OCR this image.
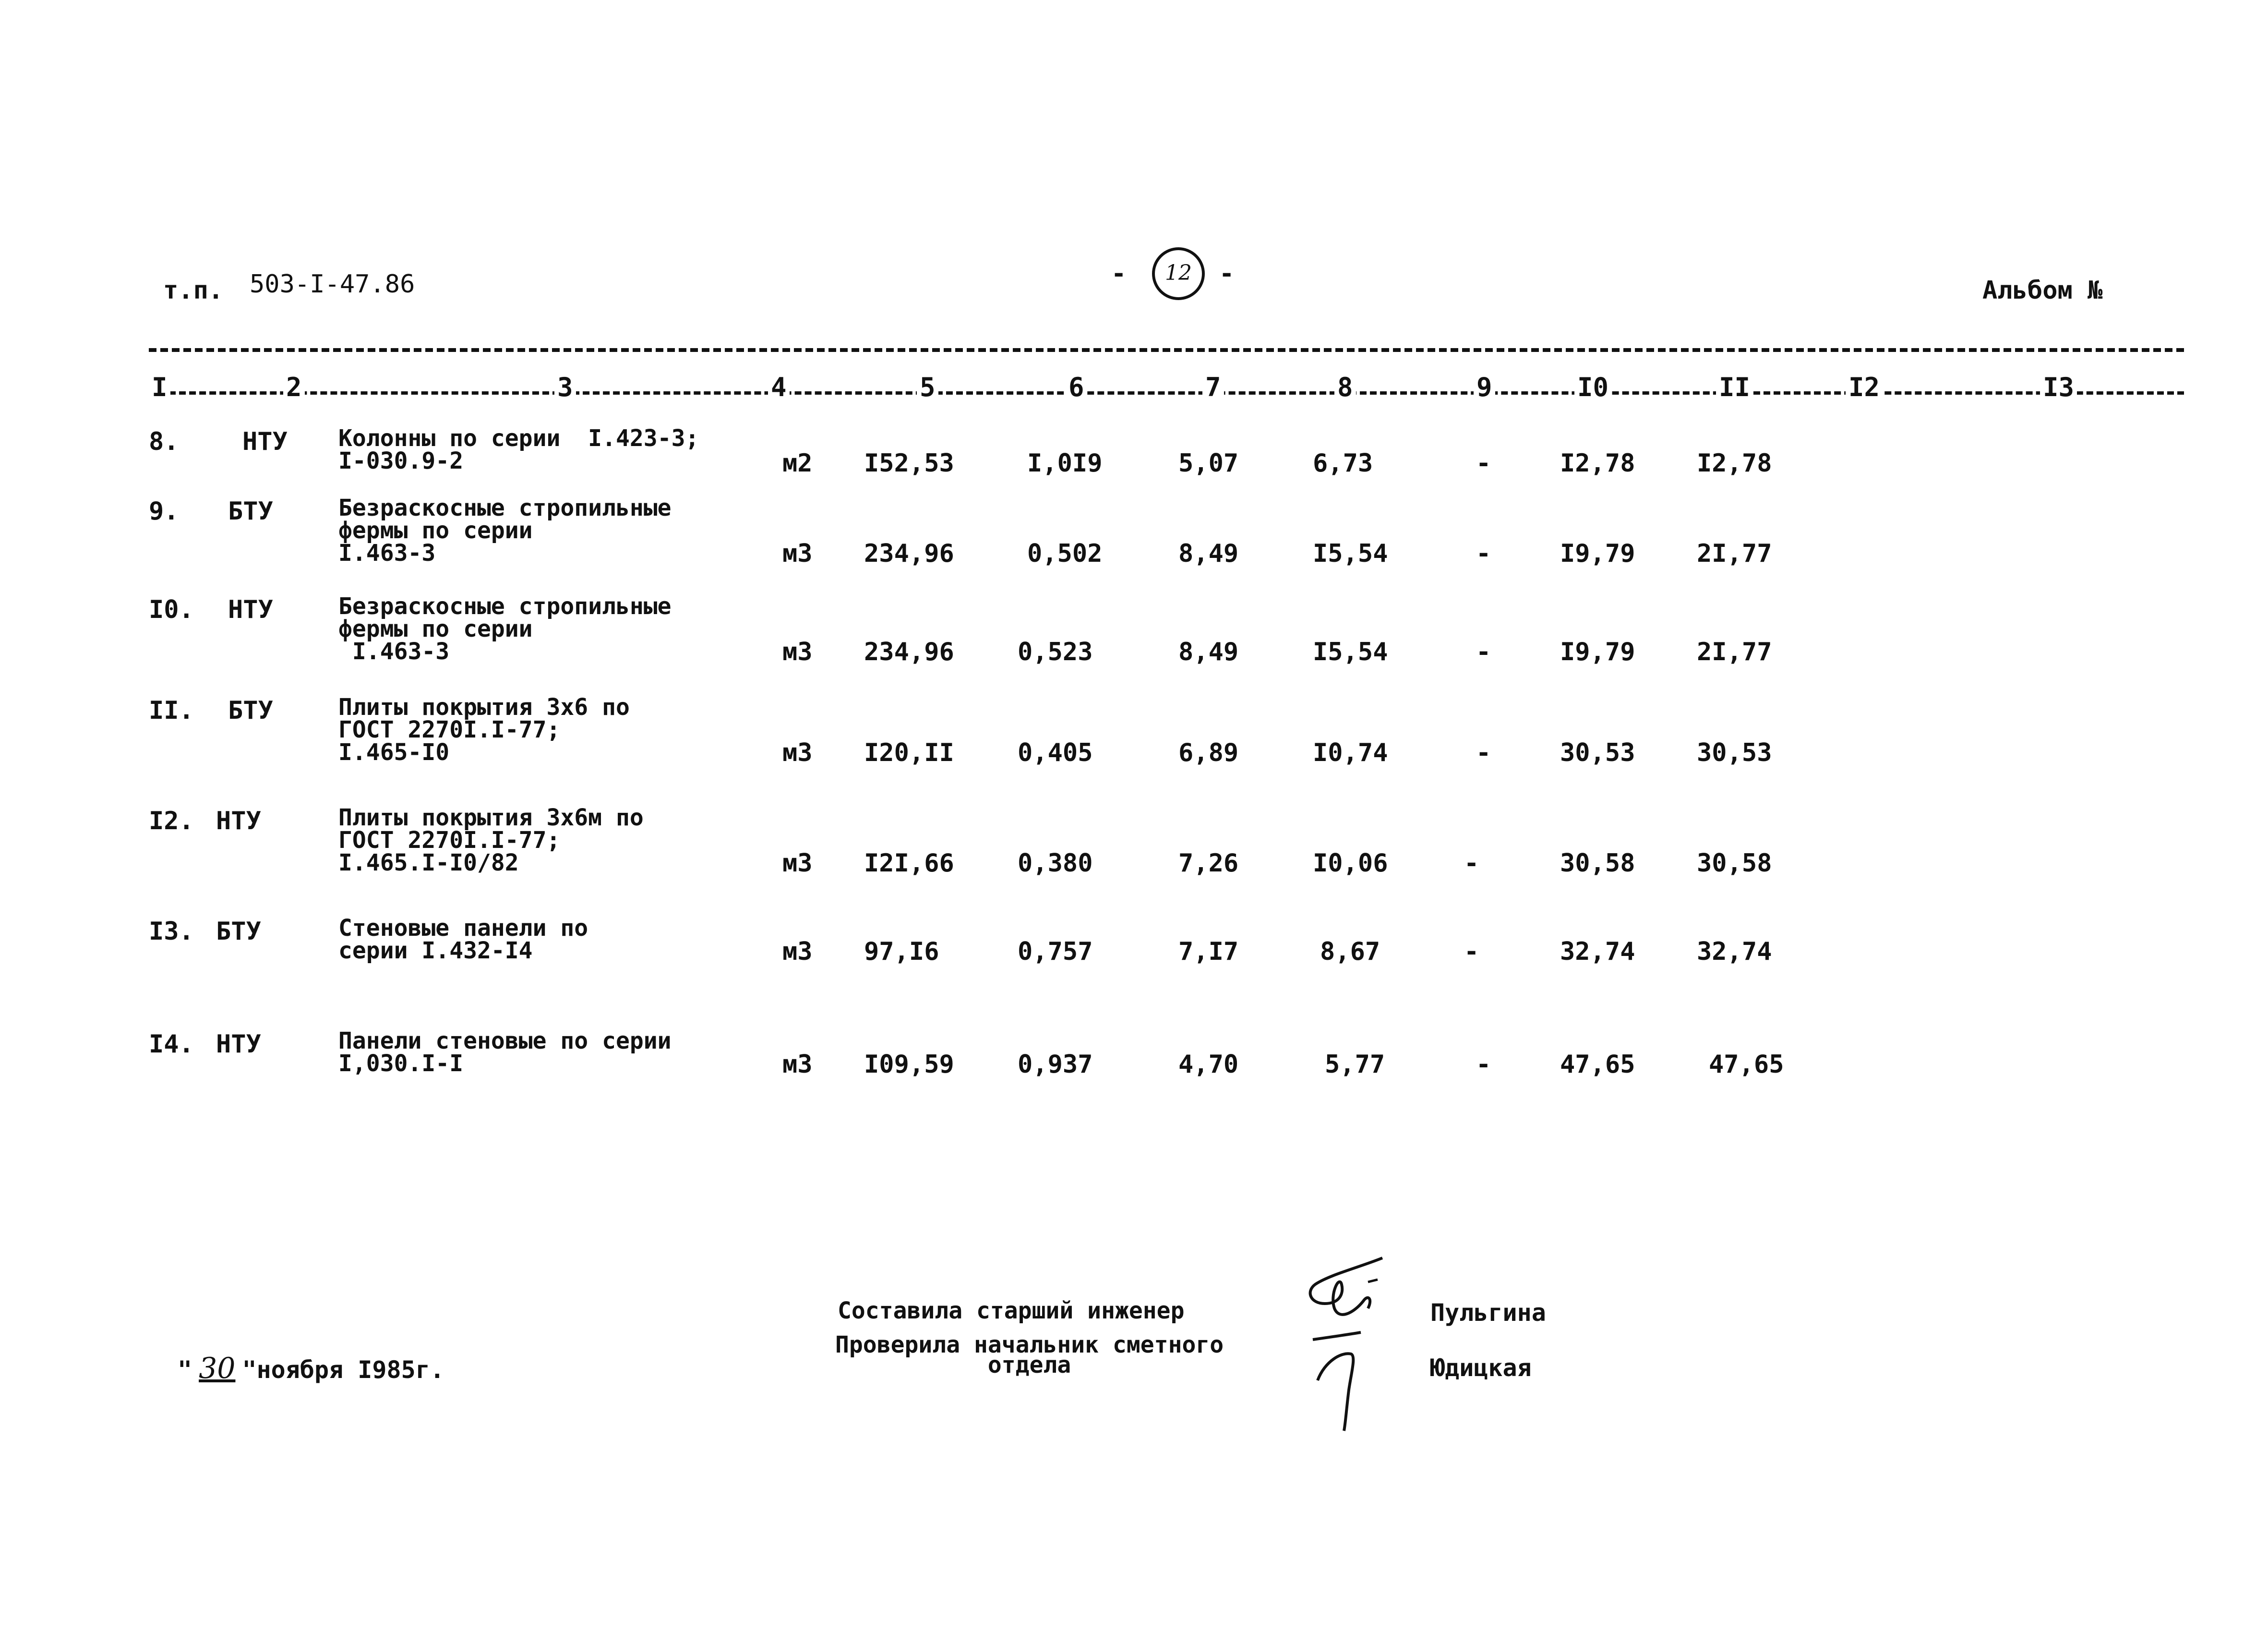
т.п. 503-I-47.86	-	12	-
Альбом №
I	2	3	4	5	6	7	8	9	I0	II	I2	I3
8.	НТУ Колонны по серии  I.423-3;
I-030.9-2	м2 I52,53	I,0I9	5,07	6,73	-	I2,78 I2,78
9. БТУ	Безраскосные стропильные
фермы по серии
I.463-3	м3 234,96	0,502	8,49	I5,54	-	I9,79 2I,77
I0. НТУ	Безраскосные стропильные
фермы по серии
I.463-3	м3 234,96	0,523	8,49	I5,54	-	I9,79 2I,77
II. БТУ	Плиты покрытия 3х6 по
ГОСТ 2270I.I-77;
I.465-I0	м3 I20,II	0,405	6,89	I0,74	-	30,53 30,53
I2. НТУ	Плиты покрытия 3х6м по
ГОСТ 2270I.I-77;
I.465.I-I0/82	м3 I2I,66	0,380	7,26	I0,06	-	30,58 30,58
I3. БТУ	Стеновые панели по
серии I.432-I4	м3 97,I6	0,757	7,I7	8,67	-	32,74 32,74
I4. НТУ	Панели стеновые по серии
I,030.I-I	м3 I09,59	0,937	4,70	5,77	-	47,65	47,65
" 30 "ноября I985г.
Составила старший инженер
Проверила начальник сметного
отдела
Пульгина
Юдицкая
